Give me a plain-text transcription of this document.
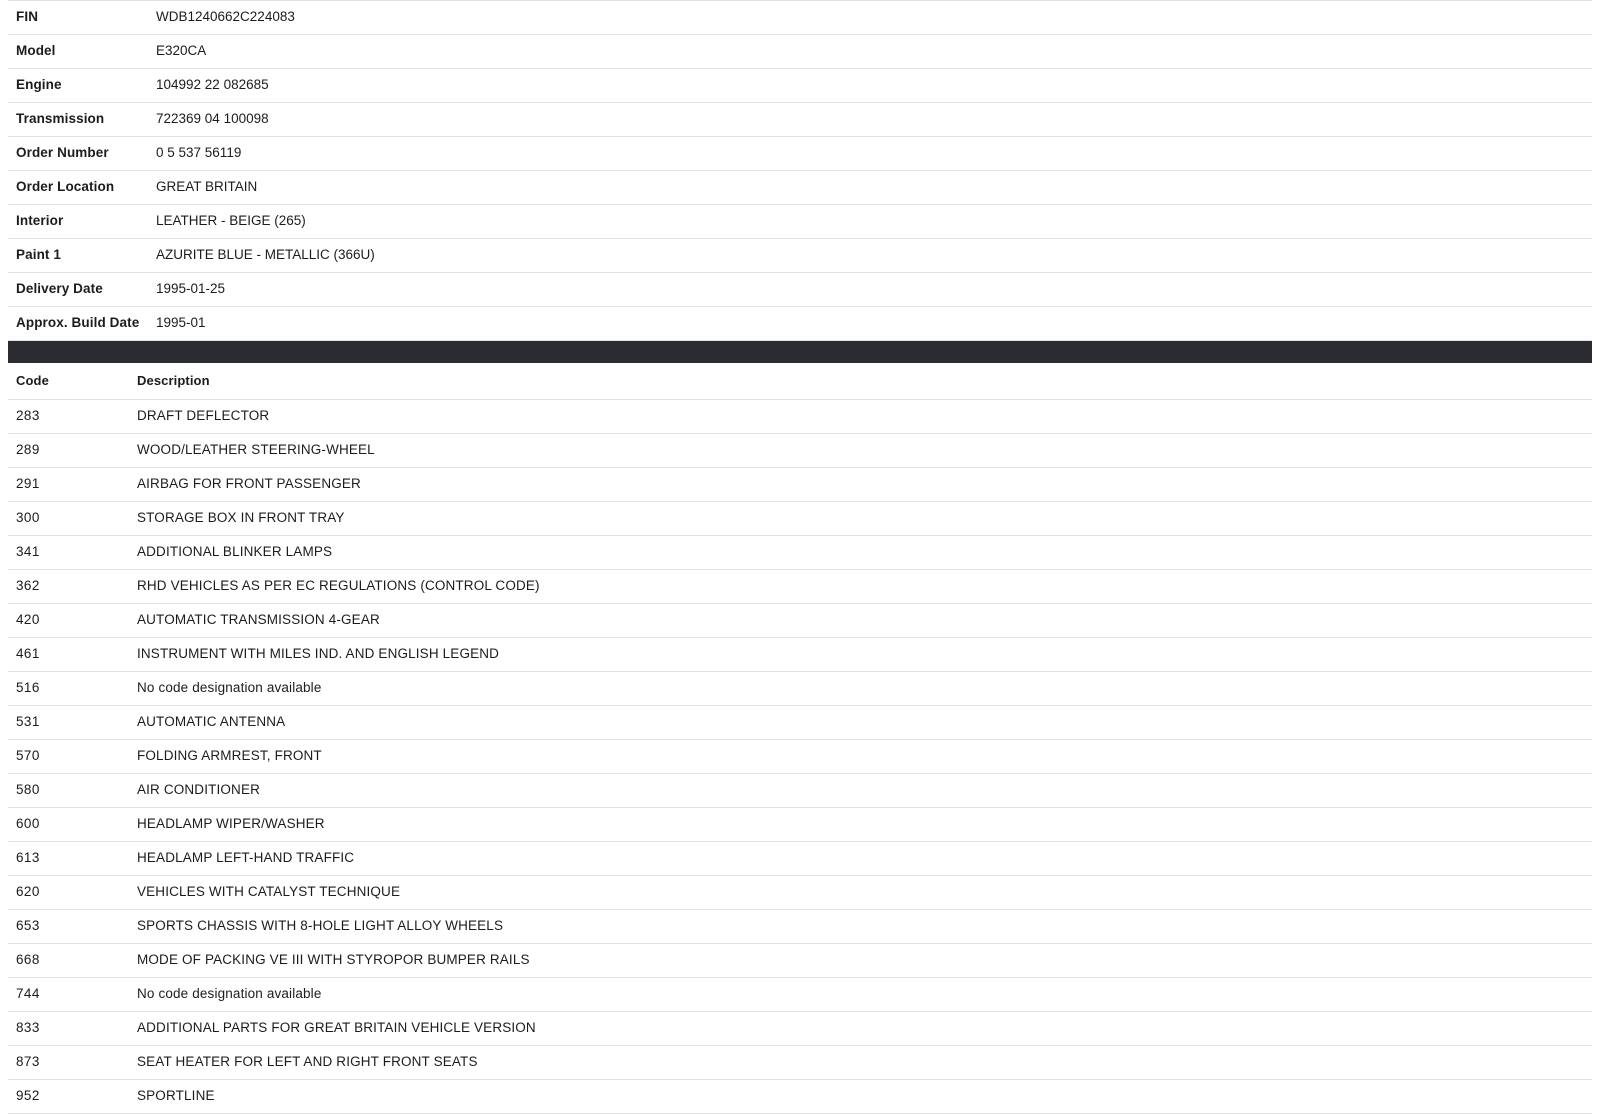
FIN	WDB1240662C224083
Model	E320CA
Engine	104992 22 082685
Transmission	722369 04 100098
Order Number	0 5 537 56119
Order Location	GREAT BRITAIN
Interior	LEATHER - BEIGE (265)
Paint 1	AZURITE BLUE - METALLIC (366U)
Delivery Date	1995-01-25
Approx. Build Date	1995-01
Code	Description
283	DRAFT DEFLECTOR
289	WOOD/LEATHER STEERING-WHEEL
291	AIRBAG FOR FRONT PASSENGER
300	STORAGE BOX IN FRONT TRAY
341	ADDITIONAL BLINKER LAMPS
362	RHD VEHICLES AS PER EC REGULATIONS (CONTROL CODE)
420	AUTOMATIC TRANSMISSION 4-GEAR
461	INSTRUMENT WITH MILES IND. AND ENGLISH LEGEND
516	No code designation available
531	AUTOMATIC ANTENNA
570	FOLDING ARMREST, FRONT
580	AIR CONDITIONER
600	HEADLAMP WIPER/WASHER
613	HEADLAMP LEFT-HAND TRAFFIC
620	VEHICLES WITH CATALYST TECHNIQUE
653	SPORTS CHASSIS WITH 8-HOLE LIGHT ALLOY WHEELS
668	MODE OF PACKING VE III WITH STYROPOR BUMPER RAILS
744	No code designation available
833	ADDITIONAL PARTS FOR GREAT BRITAIN VEHICLE VERSION
873	SEAT HEATER FOR LEFT AND RIGHT FRONT SEATS
952	SPORTLINE
